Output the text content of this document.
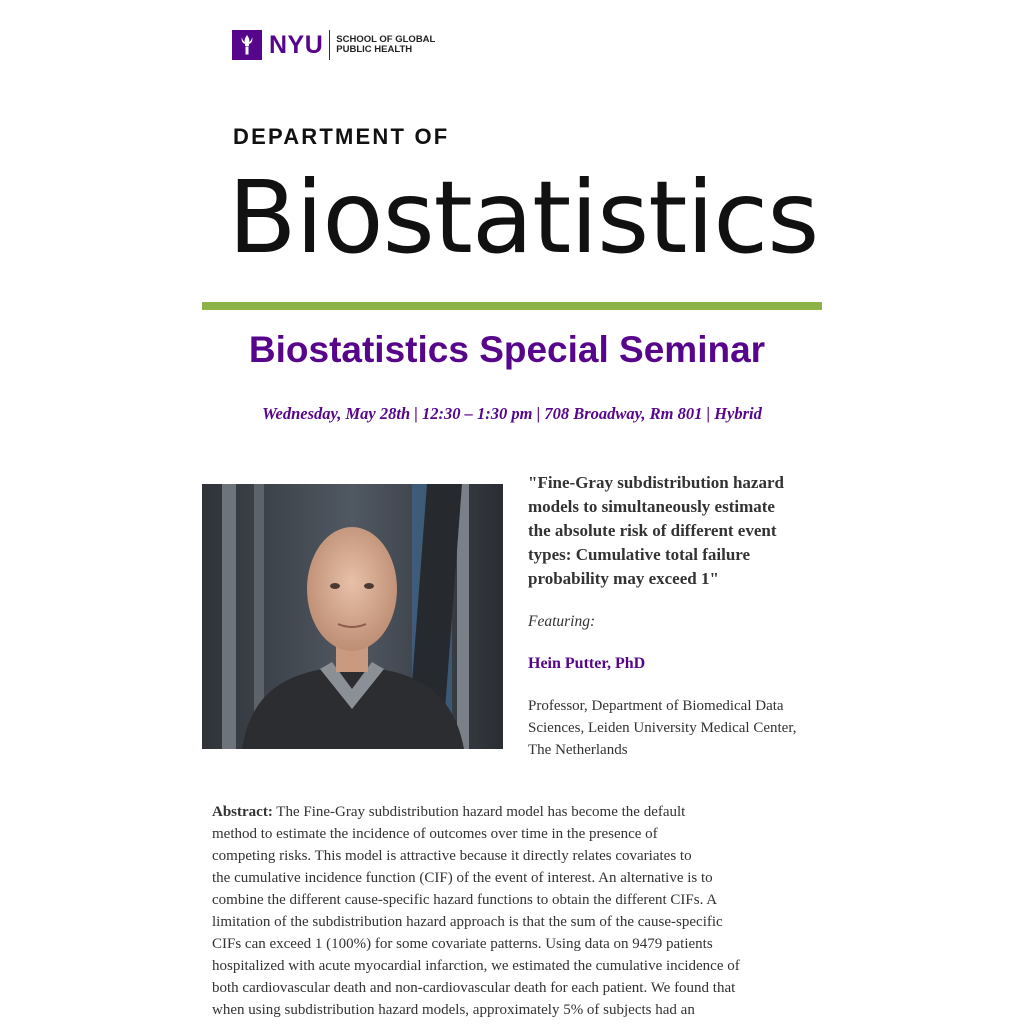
NYU SCHOOL OF GLOBAL
PUBLIC HEALTH
DEPARTMENT OF
Biostatistics
Biostatistics Special Seminar
Wednesday, May 28th | 12:30 – 1:30 pm | 708 Broadway, Rm 801 | Hybrid

"Fine-Gray subdistribution hazard
models to simultaneously estimate
the absolute risk of different event
types: Cumulative total failure
probability may exceed 1"

Featuring:
Hein Putter, PhD
Professor, Department of Biomedical Data
Sciences, Leiden University Medical Center,
The Netherlands
Abstract: The Fine-Gray subdistribution hazard model has become the default
method to estimate the incidence of outcomes over time in the presence of
competing risks. This model is attractive because it directly relates covariates to
the cumulative incidence function (CIF) of the event of interest. An alternative is to
combine the different cause-specific hazard functions to obtain the different CIFs. A
limitation of the subdistribution hazard approach is that the sum of the cause-specific
CIFs can exceed 1 (100%) for some covariate patterns. Using data on 9479 patients
hospitalized with acute myocardial infarction, we estimated the cumulative incidence of
both cardiovascular death and non-cardiovascular death for each patient. We found that
when using subdistribution hazard models, approximately 5% of subjects had an
